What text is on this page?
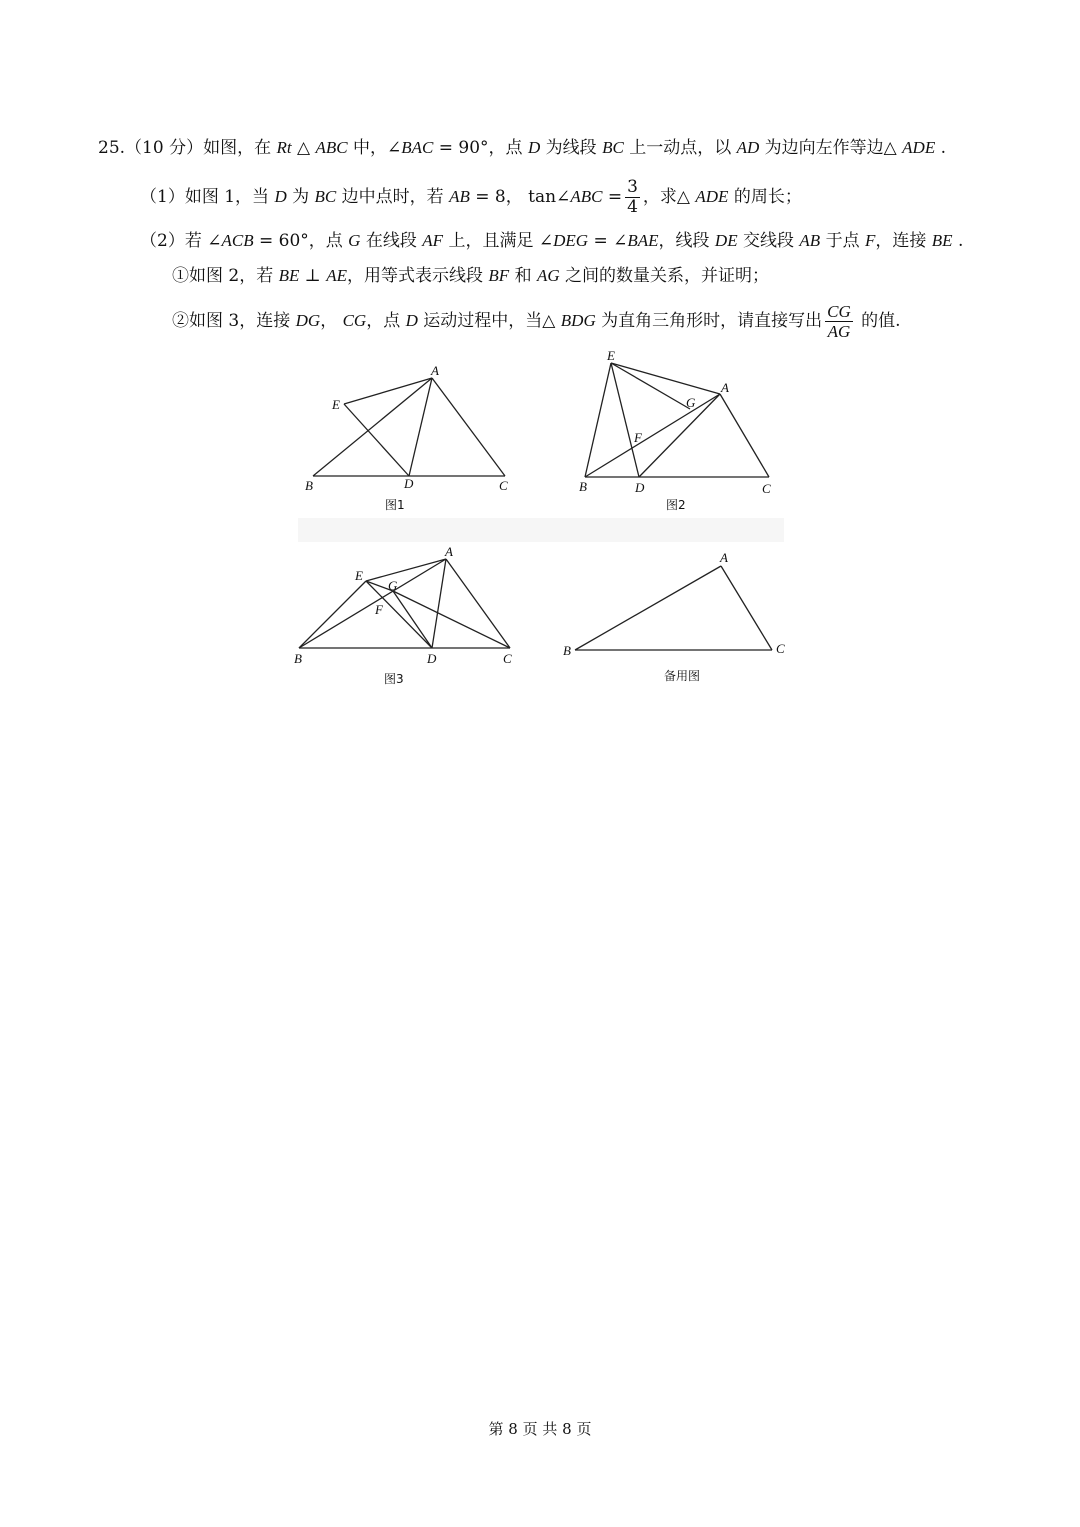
25.（10 分）如图，在 Rt △ ABC 中，∠BAC = 90°，点 D 为线段 BC 上一动点，以 AD 为边向左作等边△ ADE .
（1）如图 1，当 D 为 BC 边中点时，若 AB = 8， tan∠ABC = $\frac{3}{4}$ ，求△ ADE 的周长；
（2）若 ∠ACB = 60°，点 G 在线段 AF 上，且满足 ∠DEG = ∠BAE，线段 DE 交线段 AB 于点 F，连接 BE .
①如图 2，若 BE ⊥ AE，用等式表示线段 BF 和 AG 之间的数量关系，并证明；
②如图 3，连接 DG， CG，点 D 运动过程中，当△ BDG 为直角三角形时，请直接写出 $\frac{CG}{AG}$ 的值.
A
B	C
D
E
图1
A
B	C
D
E
F
G
图2
A
B	C
D
E
F
G
图3
A
B	C
备用图
第 8 页 共 8 页
